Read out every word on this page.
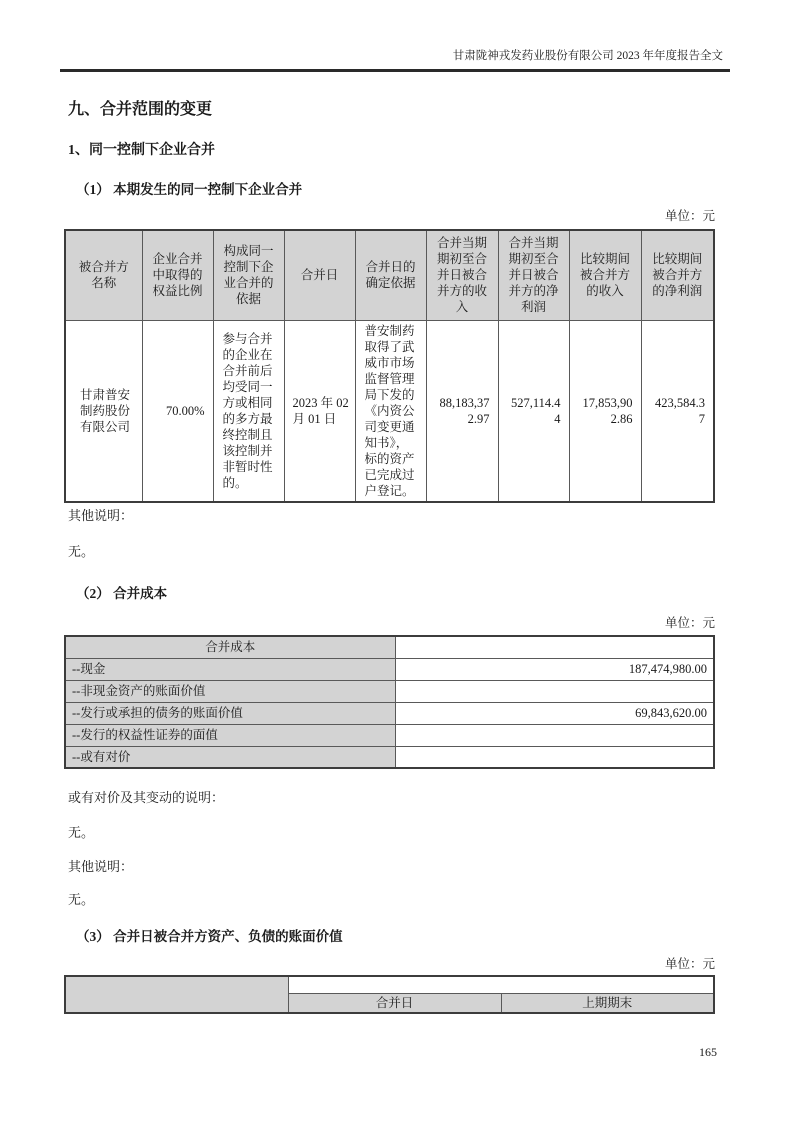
甘肃陇神戎发药业股份有限公司 2023 年年度报告全文
九、合并范围的变更
1、同一控制下企业合并
（1） 本期发生的同一控制下企业合并
单位：元
被合并方名称	企业合并中取得的权益比例	构成同一控制下企业合并的依据	合并日	合并日的确定依据	合并当期期初至合并日被合并方的收入	合并当期期初至合并日被合并方的净利润	比较期间被合并方的收入	比较期间被合并方的净利润
甘肃普安制药股份有限公司	70.00%	参与合并的企业在合并前后均受同一方或相同的多方最终控制且该控制并非暂时性的。	2023 年 02 月 01 日	普安制药取得了武威市市场监督管理局下发的《内资公司变更通知书》，标的资产已完成过户登记。	88,183,372.97	527,114.44	17,853,902.86	423,584.37
其他说明：
无。
（2） 合并成本
单位：元
合并成本	
--现金	187,474,980.00
--非现金资产的账面价值	
--发行或承担的债务的账面价值	69,843,620.00
--发行的权益性证券的面值	
--或有对价	
或有对价及其变动的说明：
无。
其他说明：
无。
（3） 合并日被合并方资产、负债的账面价值
单位：元

	合并日	上期期末
165
